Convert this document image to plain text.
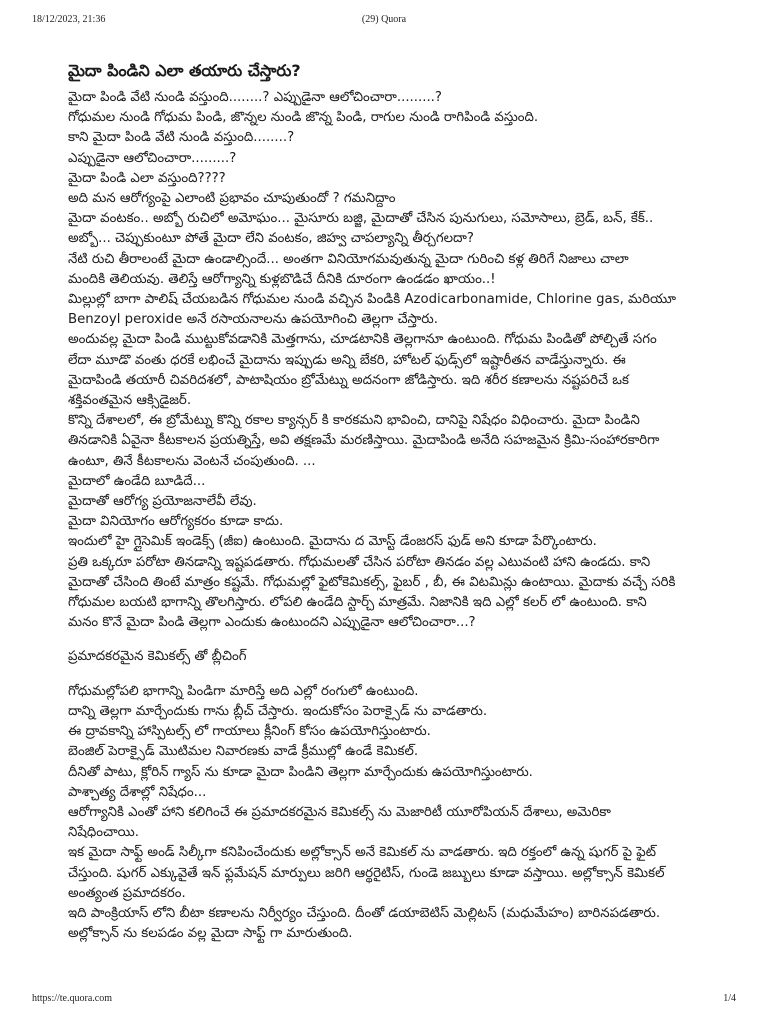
18/12/2023, 21:36	(29) Quora
మైదా పిండిని ఎలా తయారు చేస్తారు?
మైదా పిండి వేటి నుండి వస్తుంది........? ఎప్పుడైనా ఆలోచించారా.........?
గోధుమల నుండి గోధుమ పిండి, జొన్నల నుండి జొన్న పిండి, రాగుల నుండి రాగిపిండి వస్తుంది.
కాని మైదా పిండి వేటి నుండి వస్తుంది........?
ఎప్పుడైనా ఆలోచించారా.........?
మైదా పిండి ఎలా వస్తుంది????
అది మన ఆరోగ్యంపై ఎలాంటి ప్రభావం చూపుతుందో ? గమనిద్దాం
మైదా వంటకం.. అబ్బో రుచిలో అమోఘం... మైసూరు బజ్జి, మైదాతో చేసిన పునుగులు, సమోసాలు, బ్రెడ్, బన్, కేక్..
అబ్బో... చెప్పుకుంటూ పోతే మైదా లేని వంటకం, జిహ్వ చాపల్యాన్ని తీర్చగలదా?
నేటి రుచి తీరాలంటే మైదా ఉండాల్సిందే... అంతగా వినియోగమవుతున్న మైదా గురించి కళ్ల తిరిగే నిజాలు చాలా
మందికి తెలియవు. తెలిస్తే ఆరోగ్యాన్ని కుళ్లబొడిచే దీనికి దూరంగా ఉండడం ఖాయం..!
మిల్లుల్లో బాగా పాలిష్ చేయబడిన గోధుమల నుండి వచ్చిన పిండికి Azodicarbonamide, Chlorine gas, మరియూ
Benzoyl peroxide అనే రసాయనాలను ఉపయోగించి తెల్లగా చేస్తారు.
అందువల్ల మైదా పిండి ముట్టుకోవడానికి మెత్తగాను, చూడటానికి తెల్లగానూ ఉంటుంది. గోధుమ పిండితో పోల్చితే సగం
లేదా మూడొ వంతు ధరకే లభించే మైదాను ఇప్పుడు అన్ని బేకరి, హోటల్ ఫుడ్స్‌లో ఇష్టారీతన వాడేస్తున్నారు. ఈ
మైదాపిండి తయారీ చివరిదశలో, పాటాషియం బ్రోమేట్ను అదనంగా జోడిస్తారు. ఇది శరీర కణాలను నష్టపరిచే ఒక
శక్తివంతమైన ఆక్సిడైజర్.
కొన్ని దేశాలలో, ఈ బ్రోమేట్ను కొన్ని రకాల క్యాన్సర్ కి కారకమని భావించి, దానిపై నిషేధం విధించారు. మైదా పిండిని
తినడానికి ఏవైనా కీటకాలన ప్రయత్నిస్తే, అవి తక్షణమే మరణిస్తాయి. మైదాపిండి అనేది సహజమైన క్రిమి-సంహారకారిగా
ఉంటూ, తినే కీటకాలను వెంటనే చంపుతుంది. ...
మైదాలో ఉండేది బూడిదే...
మైదాతో ఆరోగ్య ప్రయోజనాలేవీ లేవు.
మైదా వినియోగం ఆరోగ్యకరం కూడా కాదు.
ఇందులో హై గ్లైసెమిక్ ఇండెక్స్ (జీఐ) ఉంటుంది. మైదాను ద మోస్ట్ డేంజరస్ ఫుడ్ అని కూడా పేర్కొంటారు.
ప్రతి ఒక్కరూ పరోటా తినడాన్ని ఇష్టపడతారు. గోధుమలతో చేసిన పరోటా తినడం వల్ల ఎటువంటి హాని ఉండదు. కాని
మైదాతో చేసింది తింటే మాత్రం కష్టమే. గోధుమల్లో ఫైటోకెమికల్స్, ఫైబర్ , బీ, ఈ విటమిన్లు ఉంటాయి. మైదాకు వచ్చే సరికి
గోధుమల బయటి భాగాన్ని తొలగిస్తారు. లోపలి ఉండేది స్టార్చ్ మాత్రమే. నిజానికి ఇది ఎల్లో కలర్ లో ఉంటుంది. కాని
మనం కొనే మైదా పిండి తెల్లగా ఎందుకు ఉంటుందని ఎప్పుడైనా ఆలోచించారా...?
ప్రమాదకరమైన కెమికల్స్ తో బ్లీచింగ్
గోధుమల్లోపలి భాగాన్ని పిండిగా మారిస్తే అది ఎల్లో రంగులో ఉంటుంది.
దాన్ని తెల్లగా మార్చేందుకు గాను బ్లీచ్ చేస్తారు. ఇందుకోసం పెరాక్సైడ్ ను వాడతారు.
ఈ ద్రావకాన్ని హాస్పిటల్స్ లో గాయాలు క్లీనింగ్ కోసం ఉపయోగిస్తుంటారు.
బెంజిల్ పెరాక్సైడ్ మొటిమల నివారణకు వాడే క్రీముల్లో ఉండే కెమికల్.
దీనితో పాటు, క్లోరిన్ గ్యాస్ ను కూడా మైదా పిండిని తెల్లగా మార్చేందుకు ఉపయోగిస్తుంటారు.
పాశ్చాత్య దేశాల్లో నిషేధం...
ఆరోగ్యానికి ఎంతో హాని కలిగించే ఈ ప్రమాదకరమైన కెమికల్స్ ను మెజారిటీ యూరోపియన్ దేశాలు, అమెరికా
నిషేధించాయి.
ఇక మైదా సాఫ్ట్ అండ్ సిల్కీగా కనిపించేందుకు అల్లోక్సాన్ అనే కెమికల్ ను వాడతారు. ఇది రక్తంలో ఉన్న షుగర్ పై ఫైట్
చేస్తుంది. షుగర్ ఎక్కువైతే ఇన్ ఫ్లమేషన్ మార్పులు జరిగి ఆర్థరైటిస్, గుండె జబ్బులు కూడా వస్తాయి. అల్లోక్సాన్ కెమికల్
అంత్యంత ప్రమాదకరం.
ఇది పాంక్రియాస్ లోని బీటా కణాలను నిర్వీర్యం చేస్తుంది. దీంతో డయాబెటిస్ మెల్లిటస్ (మధుమేహం) బారినపడతారు.
అల్లోక్సాన్ ను కలపడం వల్ల మైదా సాఫ్ట్ గా మారుతుంది.
https://te.quora.com	1/4
